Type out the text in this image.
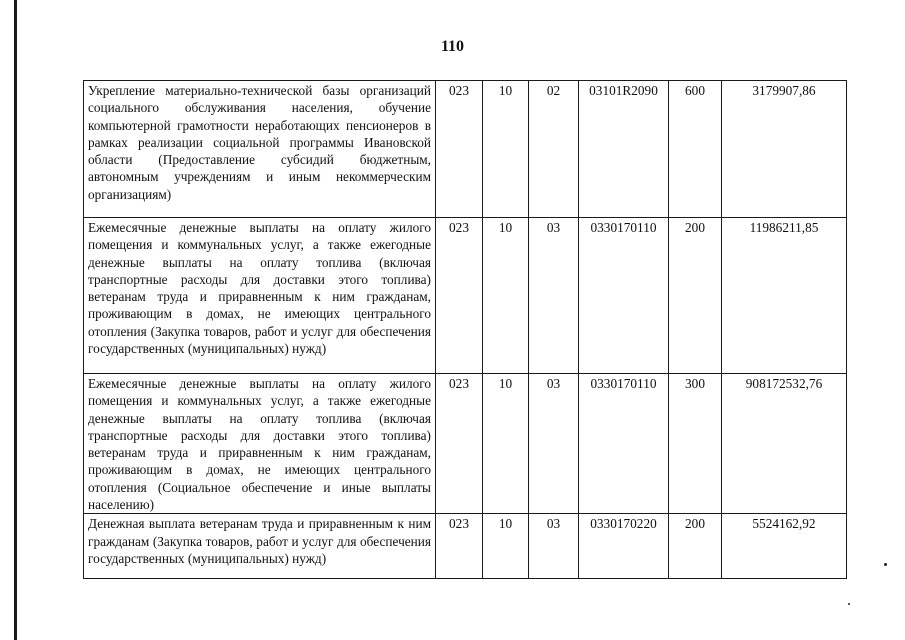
110
Укрепление материально-технической базы организаций социального обслуживания населения, обучение компьютерной грамотности неработающих пенсионеров в рамках реализации социальной программы Ивановской области (Предоставление субсидий бюджетным, автономным учреждениям и иным некоммерческим организациям)	023	10	02	03101R2090	600	3179907,86
Ежемесячные денежные выплаты на оплату жилого помещения и коммунальных услуг, а также ежегодные денежные выплаты на оплату топлива (включая транспортные расходы для доставки этого топлива) ветеранам труда и приравненным к ним гражданам, проживающим в домах, не имеющих центрального отопления (Закупка товаров, работ и услуг для обеспечения государственных (муниципальных) нужд)	023	10	03	0330170110	200	11986211,85
Ежемесячные денежные выплаты на оплату жилого помещения и коммунальных услуг, а также ежегодные денежные выплаты на оплату топлива (включая транспортные расходы для доставки этого топлива) ветеранам труда и приравненным к ним гражданам, проживающим в домах, не имеющих центрального отопления (Социальное обеспечение и иные выплаты населению)	023	10	03	0330170110	300	908172532,76
Денежная выплата ветеранам труда и приравненным к ним гражданам (Закупка товаров, работ и услуг для обеспечения государственных (муниципальных) нужд)	023	10	03	0330170220	200	5524162,92
